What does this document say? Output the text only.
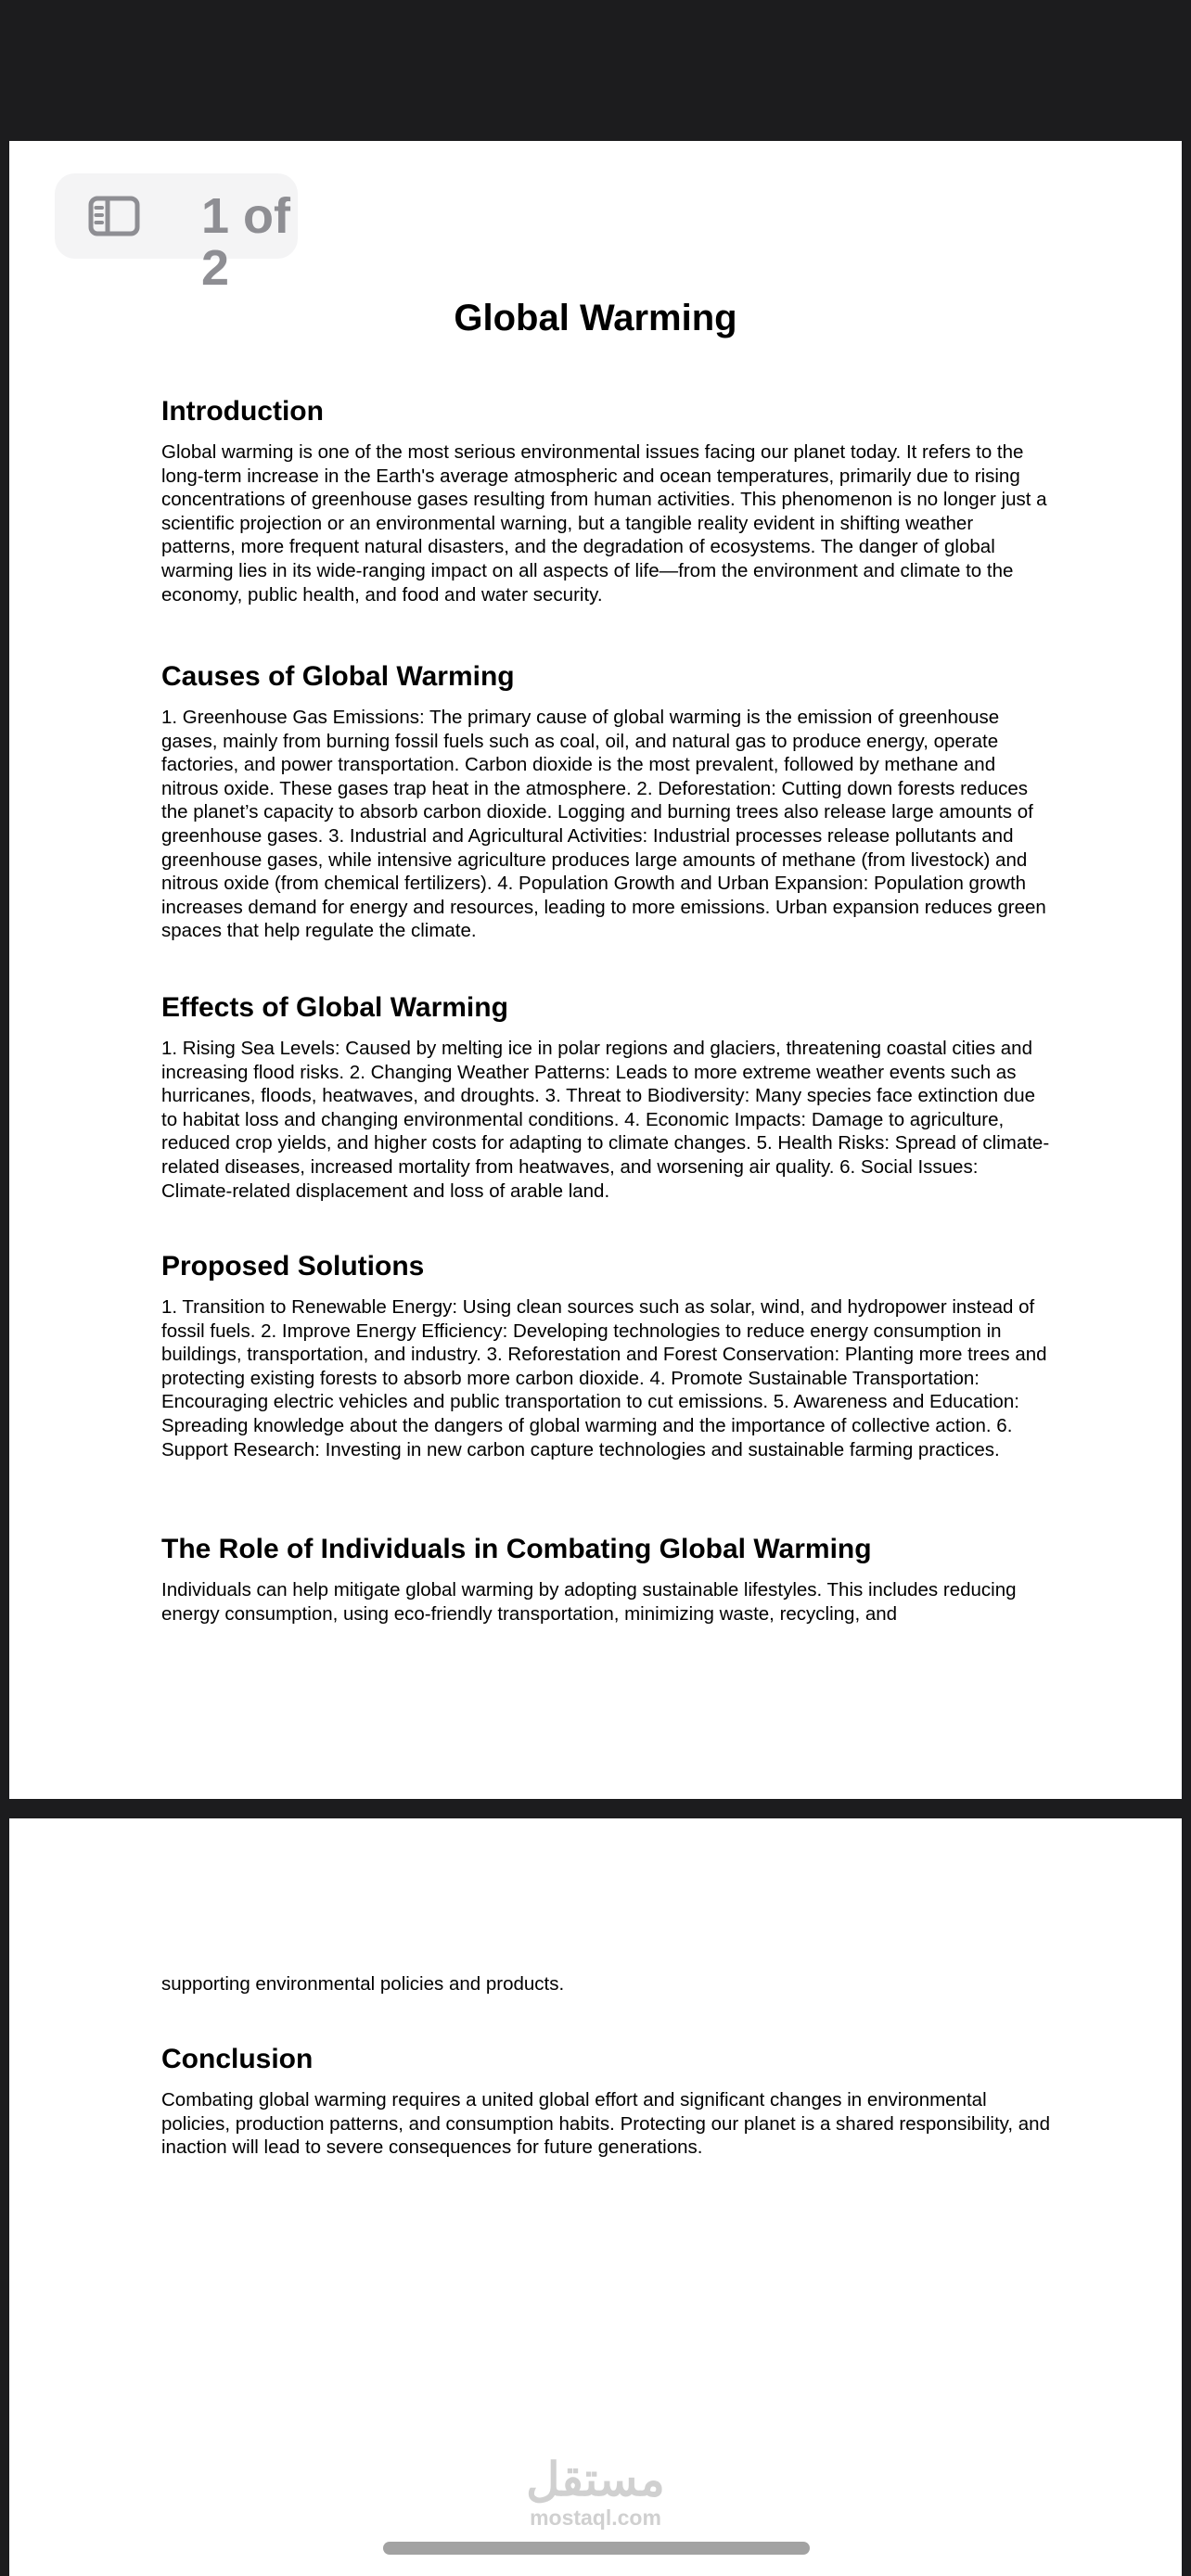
1 of 2
Global Warming
Introduction

Global warming is one of the most serious environmental issues facing our planet today. It refers to the long-term increase in the Earth's average atmospheric and ocean temperatures, primarily due to rising concentrations of greenhouse gases resulting from human activities. This phenomenon is no longer just a scientific projection or an environmental warning, but a tangible reality evident in shifting weather patterns, more frequent natural disasters, and the degradation of ecosystems. The danger of global warming lies in its wide-ranging impact on all aspects of life—from the environment and climate to the economy, public health, and food and water security.

Causes of Global Warming

1. Greenhouse Gas Emissions: The primary cause of global warming is the emission of greenhouse gases, mainly from burning fossil fuels such as coal, oil, and natural gas to produce energy, operate factories, and power transportation. Carbon dioxide is the most prevalent, followed by methane and nitrous oxide. These gases trap heat in the atmosphere. 2. Deforestation: Cutting down forests reduces the planet’s capacity to absorb carbon dioxide. Logging and burning trees also release large amounts of greenhouse gases. 3. Industrial and Agricultural Activities: Industrial processes release pollutants and greenhouse gases, while intensive agriculture produces large amounts of methane (from livestock) and nitrous oxide (from chemical fertilizers). 4. Population Growth and Urban Expansion: Population growth increases demand for energy and resources, leading to more emissions. Urban expansion reduces green spaces that help regulate the climate.

Effects of Global Warming

1. Rising Sea Levels: Caused by melting ice in polar regions and glaciers, threatening coastal cities and increasing flood risks. 2. Changing Weather Patterns: Leads to more extreme weather events such as hurricanes, floods, heatwaves, and droughts. 3. Threat to Biodiversity: Many species face extinction due to habitat loss and changing environmental conditions. 4. Economic Impacts: Damage to agriculture, reduced crop yields, and higher costs for adapting to climate changes. 5. Health Risks: Spread of climate-related diseases, increased mortality from heatwaves, and worsening air quality. 6. Social Issues: Climate-related displacement and loss of arable land.

Proposed Solutions

1. Transition to Renewable Energy: Using clean sources such as solar, wind, and hydropower instead of fossil fuels. 2. Improve Energy Efficiency: Developing technologies to reduce energy consumption in buildings, transportation, and industry. 3. Reforestation and Forest Conservation: Planting more trees and protecting existing forests to absorb more carbon dioxide. 4. Promote Sustainable Transportation: Encouraging electric vehicles and public transportation to cut emissions. 5. Awareness and Education: Spreading knowledge about the dangers of global warming and the importance of collective action. 6. Support Research: Investing in new carbon capture technologies and sustainable farming practices.

The Role of Individuals in Combating Global Warming

Individuals can help mitigate global warming by adopting sustainable lifestyles. This includes reducing energy consumption, using eco-friendly transportation, minimizing waste, recycling, and

supporting environmental policies and products.

Conclusion

Combating global warming requires a united global effort and significant changes in environmental policies, production patterns, and consumption habits. Protecting our planet is a shared responsibility, and inaction will lead to severe consequences for future generations.

مستقل
mostaql.com
